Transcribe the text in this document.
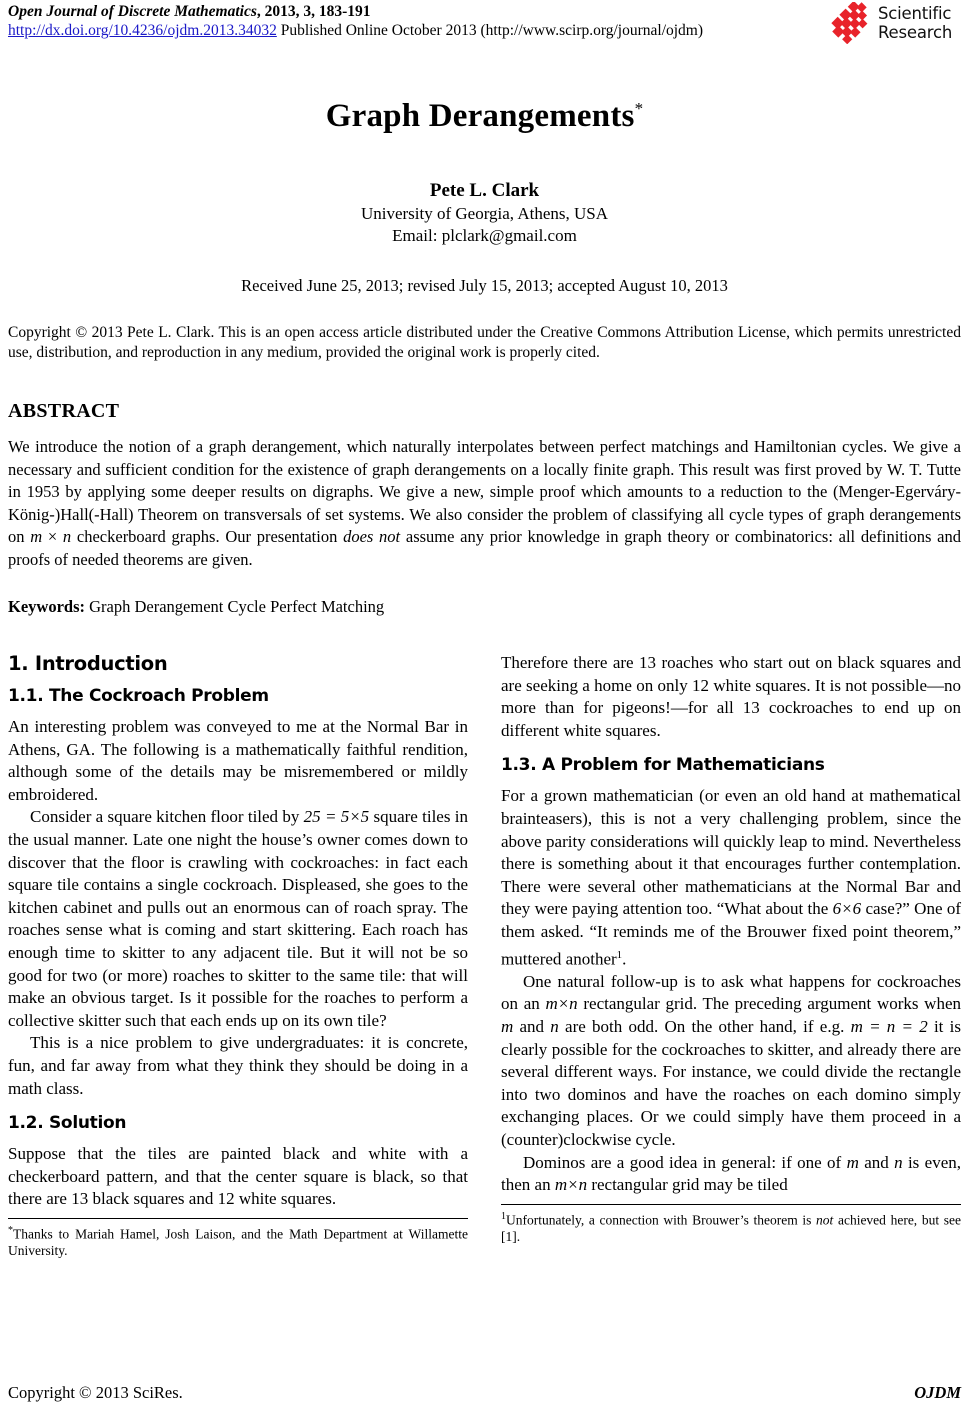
Open Journal of Discrete Mathematics, 2013, 3, 183-191
http://dx.doi.org/10.4236/ojdm.2013.34032 Published Online October 2013 (http://www.scirp.org/journal/ojdm)
Scientific
Research
Graph Derangements*
Pete L. Clark
University of Georgia, Athens, USA
Email: plclark@gmail.com
Received June 25, 2013; revised July 15, 2013; accepted August 10, 2013
Copyright © 2013 Pete L. Clark. This is an open access article distributed under the Creative Commons Attribution License, which permits unrestricted use, distribution, and reproduction in any medium, provided the original work is properly cited.
ABSTRACT
We introduce the notion of a graph derangement, which naturally interpolates between perfect matchings and Hamiltonian cycles. We give a necessary and sufficient condition for the existence of graph derangements on a locally finite graph. This result was first proved by W. T. Tutte in 1953 by applying some deeper results on digraphs. We give a new, simple proof which amounts to a reduction to the (Menger-Egerváry-König-)Hall(-Hall) Theorem on transversals of set systems. We also consider the problem of classifying all cycle types of graph derangements on m × n checkerboard graphs. Our presentation does not assume any prior knowledge in graph theory or combinatorics: all definitions and proofs of needed theorems are given.
Keywords: Graph Derangement Cycle Perfect Matching
1. Introduction
1.1. The Cockroach Problem

An interesting problem was conveyed to me at the Normal Bar in Athens, GA. The following is a mathematically faithful rendition, although some of the details may be misremembered or mildly embroidered.

Consider a square kitchen floor tiled by 25 = 5×5 square tiles in the usual manner. Late one night the house’s owner comes down to discover that the floor is crawling with cockroaches: in fact each square tile contains a single cockroach. Displeased, she goes to the kitchen cabinet and pulls out an enormous can of roach spray. The roaches sense what is coming and start skittering. Each roach has enough time to skitter to any adjacent tile. But it will not be so good for two (or more) roaches to skitter to the same tile: that will make an obvious target. Is it possible for the roaches to perform a collective skitter such that each ends up on its own tile?

This is a nice problem to give undergraduates: it is concrete, fun, and far away from what they think they should be doing in a math class.

1.2. Solution

Suppose that the tiles are painted black and white with a checkerboard pattern, and that the center square is black, so that there are 13 black squares and 12 white squares.

*Thanks to Mariah Hamel, Josh Laison, and the Math Department at Willamette University.

Therefore there are 13 roaches who start out on black squares and are seeking a home on only 12 white squares. It is not possible—no more than for pigeons!—for all 13 cockroaches to end up on different white squares.

1.3. A Problem for Mathematicians

For a grown mathematician (or even an old hand at mathematical brainteasers), this is not a very challenging problem, since the above parity considerations will quickly leap to mind. Nevertheless there is something about it that encourages further contemplation. There were several other mathematicians at the Normal Bar and they were paying attention too. “What about the 6×6 case?” One of them asked. “It reminds me of the Brouwer fixed point theorem,” muttered another$^1$.

One natural follow-up is to ask what happens for cockroaches on an m×n rectangular grid. The preceding argument works when m and n are both odd. On the other hand, if e.g. m = n = 2 it is clearly possible for the cockroaches to skitter, and already there are several different ways. For instance, we could divide the rectangle into two dominos and have the roaches on each domino simply exchanging places. Or we could simply have them proceed in a (counter)clockwise cycle.

Dominos are a good idea in general: if one of m and n is even, then an m×n rectangular grid may be tiled

$^1$Unfortunately, a connection with Brouwer’s theorem is not achieved here, but see [1].

Copyright © 2013 SciRes.	OJDM
